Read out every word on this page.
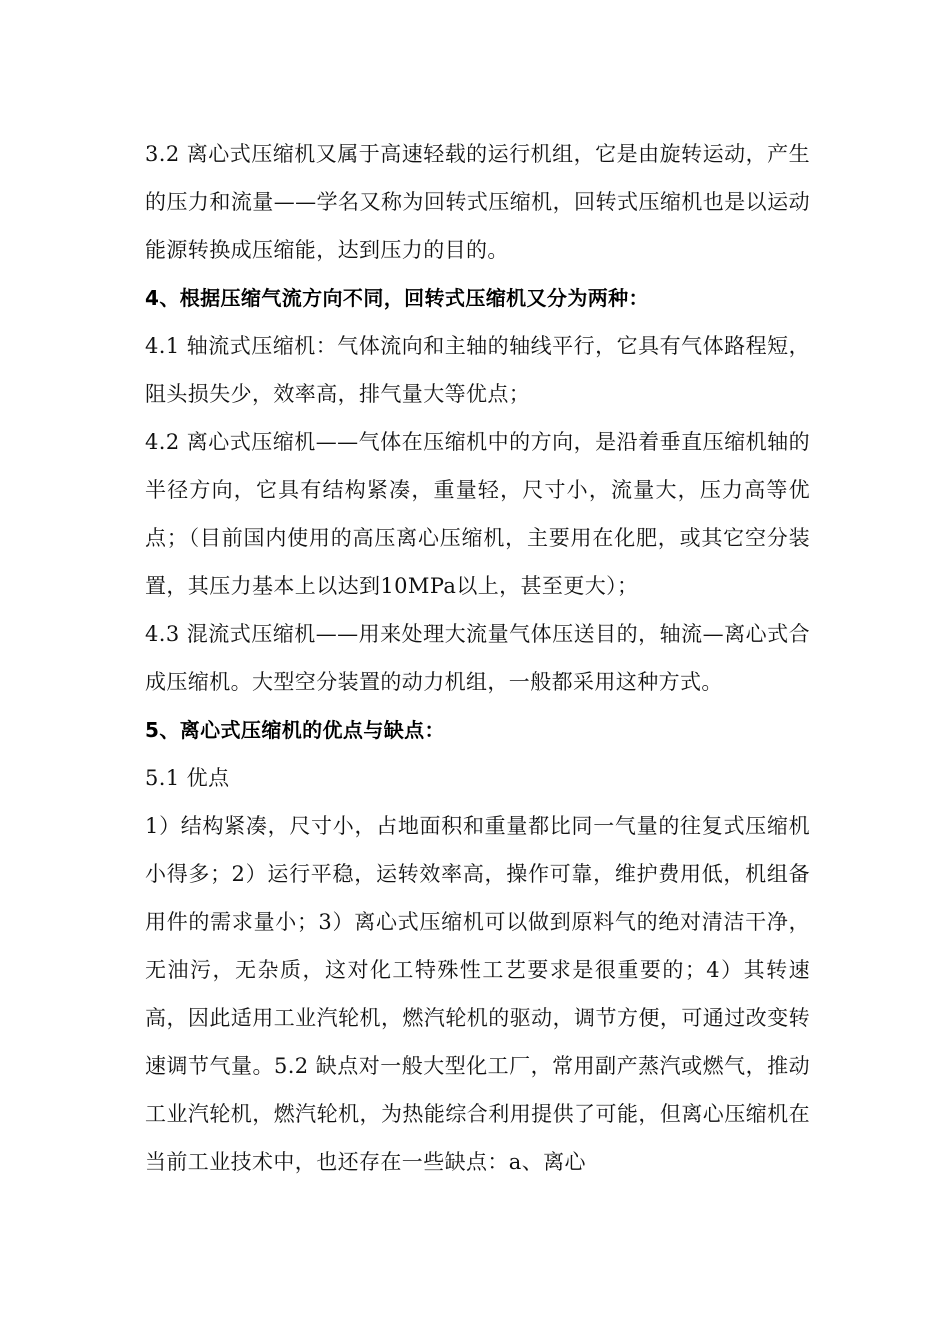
3.2 离心式压缩机又属于高速轻载的运行机组，它是由旋转运动，产生的压力和流量——学名又称为回转式压缩机，回转式压缩机也是以运动能源转换成压缩能，达到压力的目的。

4、根据压缩气流方向不同，回转式压缩机又分为两种：

4.1 轴流式压缩机：气体流向和主轴的轴线平行，它具有气体路程短，阻头损失少，效率高，排气量大等优点；

4.2 离心式压缩机——气体在压缩机中的方向，是沿着垂直压缩机轴的半径方向，它具有结构紧凑，重量轻，尺寸小，流量大，压力高等优点；（目前国内使用的高压离心压缩机，主要用在化肥，或其它空分装置，其压力基本上以达到10MPa以上，甚至更大）；

4.3 混流式压缩机——用来处理大流量气体压送目的，轴流—离心式合成压缩机。大型空分装置的动力机组，一般都采用这种方式。

5、离心式压缩机的优点与缺点：

5.1 优点

1）结构紧凑，尺寸小，占地面积和重量都比同一气量的往复式压缩机小得多；2）运行平稳，运转效率高，操作可靠，维护费用低，机组备用件的需求量小；3）离心式压缩机可以做到原料气的绝对清洁干净，无油污，无杂质，这对化工特殊性工艺要求是很重要的；4）其转速高，因此适用工业汽轮机，燃汽轮机的驱动，调节方便，可通过改变转速调节气量。5.2 缺点对一般大型化工厂，常用副产蒸汽或燃气，推动工业汽轮机，燃汽轮机，为热能综合利用提供了可能，但离心压缩机在当前工业技术中，也还存在一些缺点：a、离心
